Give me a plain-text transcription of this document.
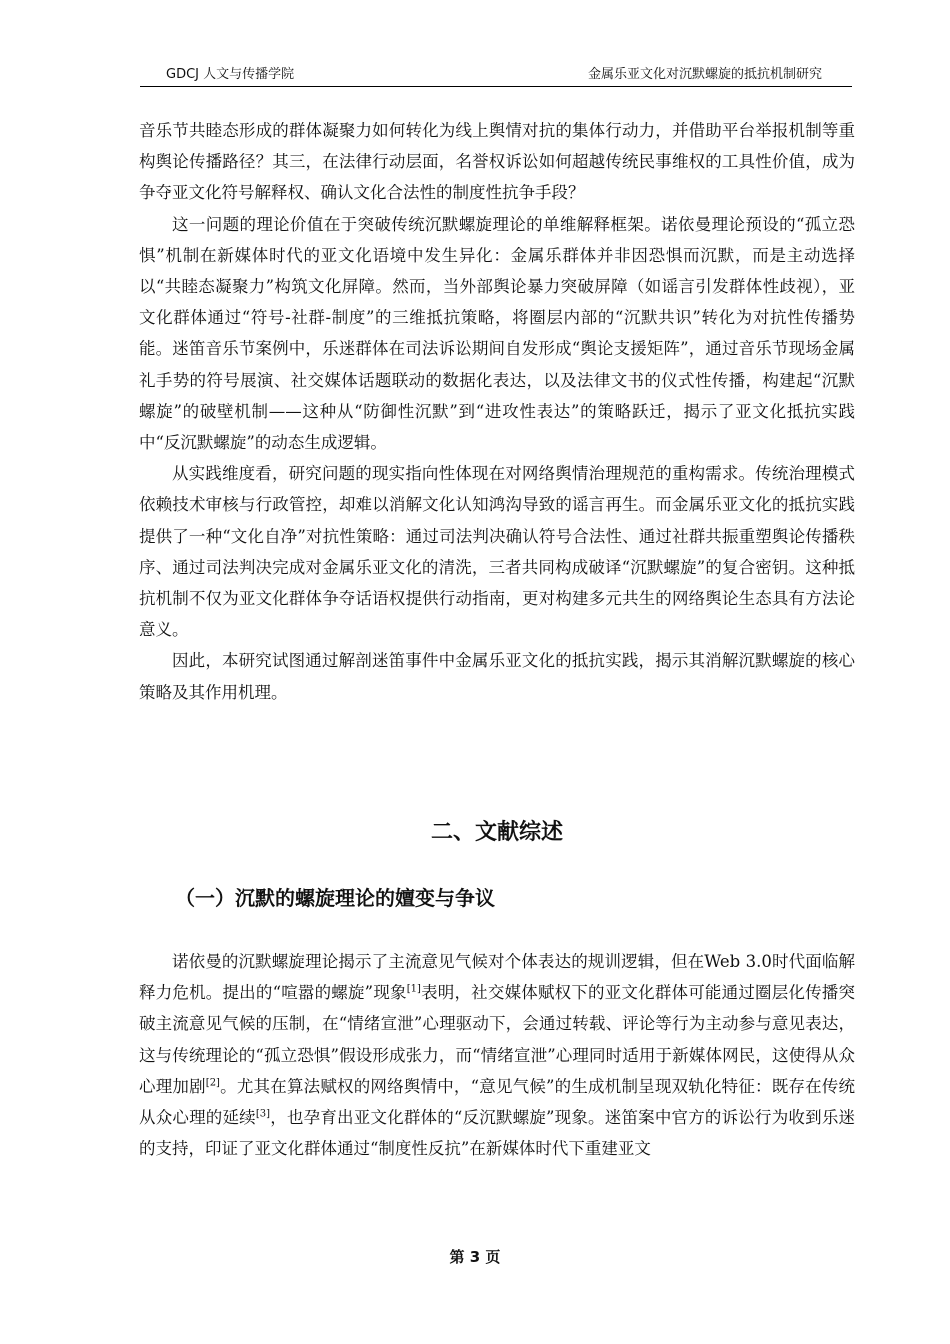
GDCJ 人文与传播学院	金属乐亚文化对沉默螺旋的抵抗机制研究

音乐节共睦态形成的群体凝聚力如何转化为线上舆情对抗的集体行动力，并借助平台举报机制等重构舆论传播路径？其三，在法律行动层面，名誉权诉讼如何超越传统民事维权的工具性价值，成为争夺亚文化符号解释权、确认文化合法性的制度性抗争手段？

这一问题的理论价值在于突破传统沉默螺旋理论的单维解释框架。诺依曼理论预设的“孤立恐惧”机制在新媒体时代的亚文化语境中发生异化：金属乐群体并非因恐惧而沉默，而是主动选择以“共睦态凝聚力”构筑文化屏障。然而，当外部舆论暴力突破屏障（如谣言引发群体性歧视），亚文化群体通过“符号-社群-制度”的三维抵抗策略，将圈层内部的“沉默共识”转化为对抗性传播势能。迷笛音乐节案例中，乐迷群体在司法诉讼期间自发形成“舆论支援矩阵”，通过音乐节现场金属礼手势的符号展演、社交媒体话题联动的数据化表达，以及法律文书的仪式性传播，构建起“沉默螺旋”的破壁机制——这种从“防御性沉默”到“进攻性表达”的策略跃迁，揭示了亚文化抵抗实践中“反沉默螺旋”的动态生成逻辑。

从实践维度看，研究问题的现实指向性体现在对网络舆情治理规范的重构需求。传统治理模式依赖技术审核与行政管控，却难以消解文化认知鸿沟导致的谣言再生。而金属乐亚文化的抵抗实践提供了一种“文化自净”对抗性策略：通过司法判决确认符号合法性、通过社群共振重塑舆论传播秩序、通过司法判决完成对金属乐亚文化的清洗，三者共同构成破译“沉默螺旋”的复合密钥。这种抵抗机制不仅为亚文化群体争夺话语权提供行动指南，更对构建多元共生的网络舆论生态具有方法论意义。

因此，本研究试图通过解剖迷笛事件中金属乐亚文化的抵抗实践，揭示其消解沉默螺旋的核心策略及其作用机理。

二、文献综述
（一）沉默的螺旋理论的嬗变与争议

诺依曼的沉默螺旋理论揭示了主流意见气候对个体表达的规训逻辑，但在Web 3.0时代面临解释力危机。提出的“喧嚣的螺旋”现象[1]表明，社交媒体赋权下的亚文化群体可能通过圈层化传播突破主流意见气候的压制，在“情绪宣泄”心理驱动下，会通过转载、评论等行为主动参与意见表达，这与传统理论的“孤立恐惧”假设形成张力，而“情绪宣泄”心理同时适用于新媒体网民，这使得从众心理加剧[2]。尤其在算法赋权的网络舆情中，“意见气候”的生成机制呈现双轨化特征：既存在传统从众心理的延续[3]，也孕育出亚文化群体的“反沉默螺旋”现象。迷笛案中官方的诉讼行为收到乐迷的支持，印证了亚文化群体通过“制度性反抗”在新媒体时代下重建亚文

第 3 页
